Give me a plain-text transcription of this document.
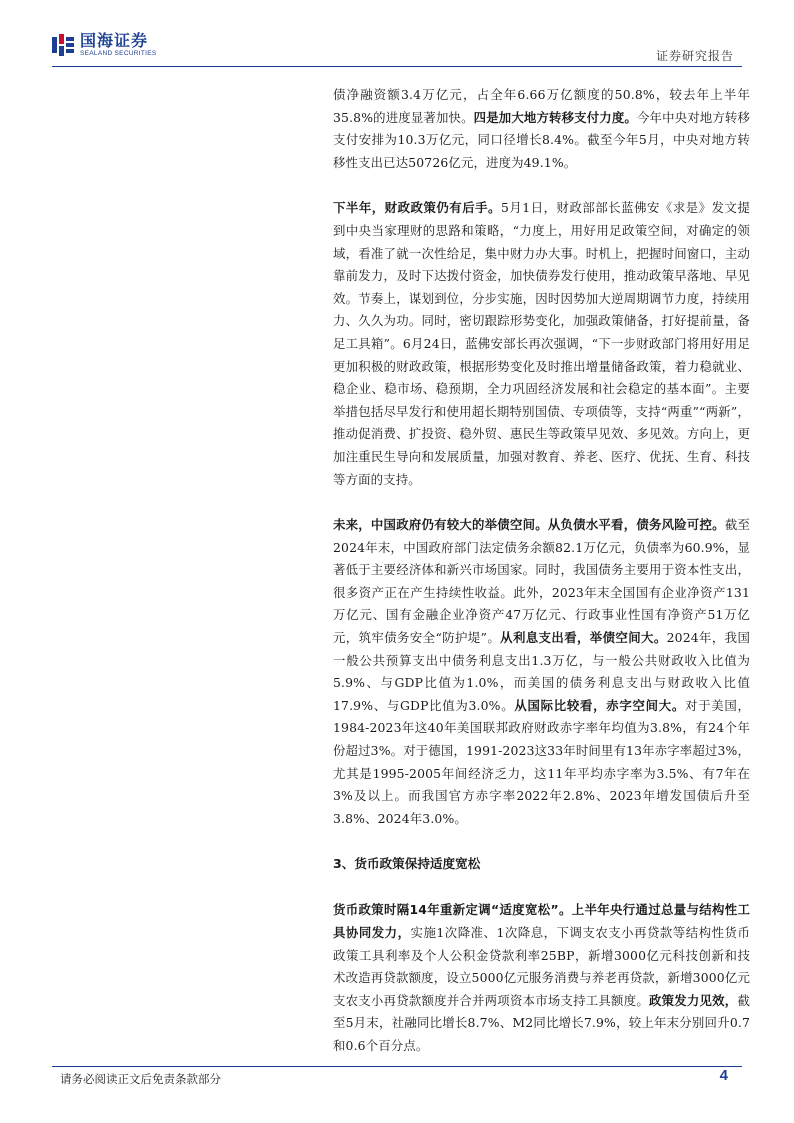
国海证券
SEALAND SECURITIES	证券研究报告

债净融资额3.4万亿元，占全年6.66万亿额度的50.8%，较去年上半年35.8%的进度显著加快。四是加大地方转移支付力度。今年中央对地方转移支付安排为10.3万亿元，同口径增长8.4%。截至今年5月，中央对地方转移性支出已达50726亿元，进度为49.1%。

下半年，财政政策仍有后手。5月1日，财政部部长蓝佛安《求是》发文提到中央当家理财的思路和策略，“力度上，用好用足政策空间，对确定的领域，看准了就一次性给足，集中财力办大事。时机上，把握时间窗口，主动靠前发力，及时下达拨付资金，加快债券发行使用，推动政策早落地、早见效。节奏上，谋划到位，分步实施，因时因势加大逆周期调节力度，持续用力、久久为功。同时，密切跟踪形势变化，加强政策储备，打好提前量，备足工具箱”。6月24日，蓝佛安部长再次强调，“下一步财政部门将用好用足更加积极的财政政策，根据形势变化及时推出增量储备政策，着力稳就业、稳企业、稳市场、稳预期，全力巩固经济发展和社会稳定的基本面”。主要举措包括尽早发行和使用超长期特别国债、专项债等，支持“两重”“两新”，推动促消费、扩投资、稳外贸、惠民生等政策早见效、多见效。方向上，更加注重民生导向和发展质量，加强对教育、养老、医疗、优抚、生育、科技等方面的支持。

未来，中国政府仍有较大的举债空间。从负债水平看，债务风险可控。截至2024年末，中国政府部门法定债务余额82.1万亿元，负债率为60.9%，显著低于主要经济体和新兴市场国家。同时，我国债务主要用于资本性支出，很多资产正在产生持续性收益。此外，2023年末全国国有企业净资产131万亿元、国有金融企业净资产47万亿元、行政事业性国有净资产51万亿元，筑牢债务安全“防护堤”。从利息支出看，举债空间大。2024年，我国一般公共预算支出中债务利息支出1.3万亿，与一般公共财政收入比值为5.9%、与GDP比值为1.0%，而美国的债务利息支出与财政收入比值17.9%、与GDP比值为3.0%。从国际比较看，赤字空间大。对于美国，1984-2023年这40年美国联邦政府财政赤字率年均值为3.8%，有24个年份超过3%。对于德国，1991-2023这33年时间里有13年赤字率超过3%，尤其是1995-2005年间经济乏力，这11年平均赤字率为3.5%、有7年在3%及以上。而我国官方赤字率2022年2.8%、2023年增发国债后升至3.8%、2024年3.0%。

3、货币政策保持适度宽松

货币政策时隔14年重新定调“适度宽松”。上半年央行通过总量与结构性工具协同发力，实施1次降准、1次降息，下调支农支小再贷款等结构性货币政策工具利率及个人公积金贷款利率25BP，新增3000亿元科技创新和技术改造再贷款额度，设立5000亿元服务消费与养老再贷款，新增3000亿元支农支小再贷款额度并合并两项资本市场支持工具额度。政策发力见效，截至5月末，社融同比增长8.7%、M2同比增长7.9%，较上年末分别回升0.7和0.6个百分点。

请务必阅读正文后免责条款部分	4
